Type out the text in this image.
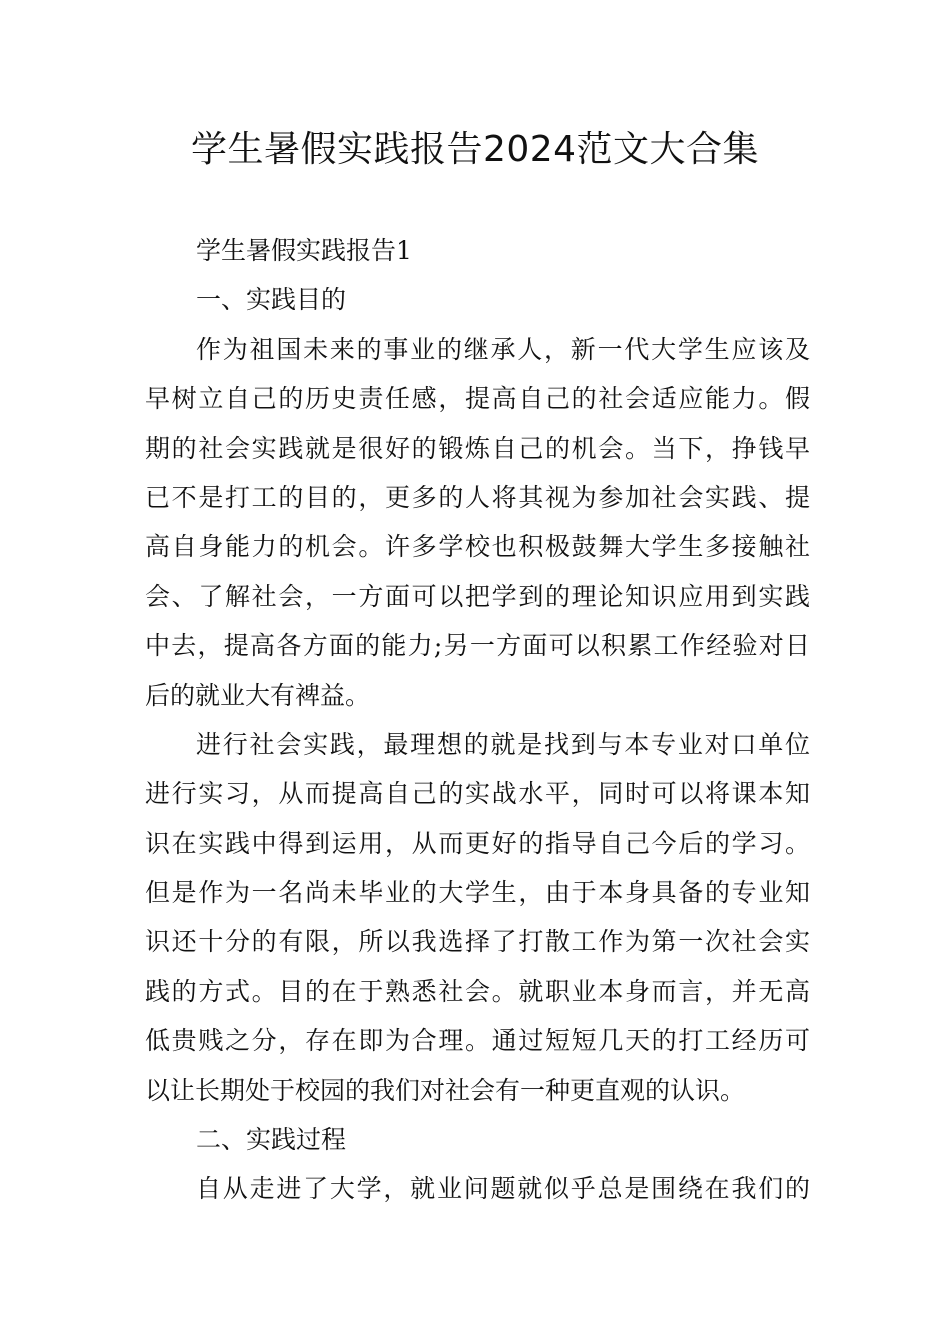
学生暑假实践报告2024范文大合集
学生暑假实践报告1
一、实践目的
作为祖国未来的事业的继承人，新一代大学生应该及
早树立自己的历史责任感，提高自己的社会适应能力。假
期的社会实践就是很好的锻炼自己的机会。当下，挣钱早
已不是打工的目的，更多的人将其视为参加社会实践、提
高自身能力的机会。许多学校也积极鼓舞大学生多接触社
会、了解社会，一方面可以把学到的理论知识应用到实践
中去，提高各方面的能力;另一方面可以积累工作经验对日
后的就业大有裨益。
进行社会实践，最理想的就是找到与本专业对口单位
进行实习，从而提高自己的实战水平，同时可以将课本知
识在实践中得到运用，从而更好的指导自己今后的学习。
但是作为一名尚未毕业的大学生，由于本身具备的专业知
识还十分的有限，所以我选择了打散工作为第一次社会实
践的方式。目的在于熟悉社会。就职业本身而言，并无高
低贵贱之分，存在即为合理。通过短短几天的打工经历可
以让长期处于校园的我们对社会有一种更直观的认识。
二、实践过程
自从走进了大学，就业问题就似乎总是围绕在我们的
